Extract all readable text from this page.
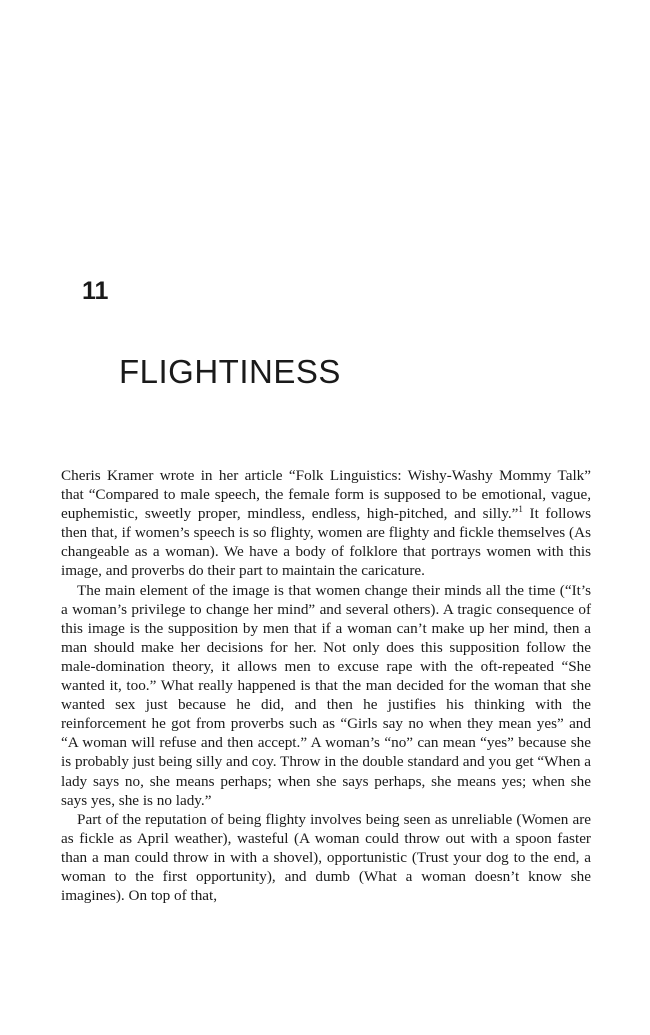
11
FLIGHTINESS

Cheris Kramer wrote in her article “Folk Linguistics: Wishy-Washy Mommy Talk” that “Compared to male speech, the female form is supposed to be emotional, vague, euphemistic, sweetly proper, mindless, endless, high-pitched, and silly.”$^1$ It follows then that, if women’s speech is so flighty, women are flighty and fickle themselves (As changeable as a woman). We have a body of folklore that portrays women with this image, and proverbs do their part to maintain the caricature.

The main element of the image is that women change their minds all the time (“It’s a woman’s privilege to change her mind” and several others). A tragic consequence of this image is the supposition by men that if a woman can’t make up her mind, then a man should make her decisions for her. Not only does this supposition follow the male-domination theory, it allows men to excuse rape with the oft-repeated “She wanted it, too.” What really happened is that the man decided for the woman that she wanted sex just because he did, and then he justifies his thinking with the reinforcement he got from proverbs such as “Girls say no when they mean yes” and “A woman will refuse and then accept.” A woman’s “no” can mean “yes” because she is probably just being silly and coy. Throw in the double standard and you get “When a lady says no, she means perhaps; when she says perhaps, she means yes; when she says yes, she is no lady.”

Part of the reputation of being flighty involves being seen as unreliable (Women are as fickle as April weather), wasteful (A woman could throw out with a spoon faster than a man could throw in with a shovel), opportunistic (Trust your dog to the end, a woman to the first opportunity), and dumb (What a woman doesn’t know she imagines). On top of that,
